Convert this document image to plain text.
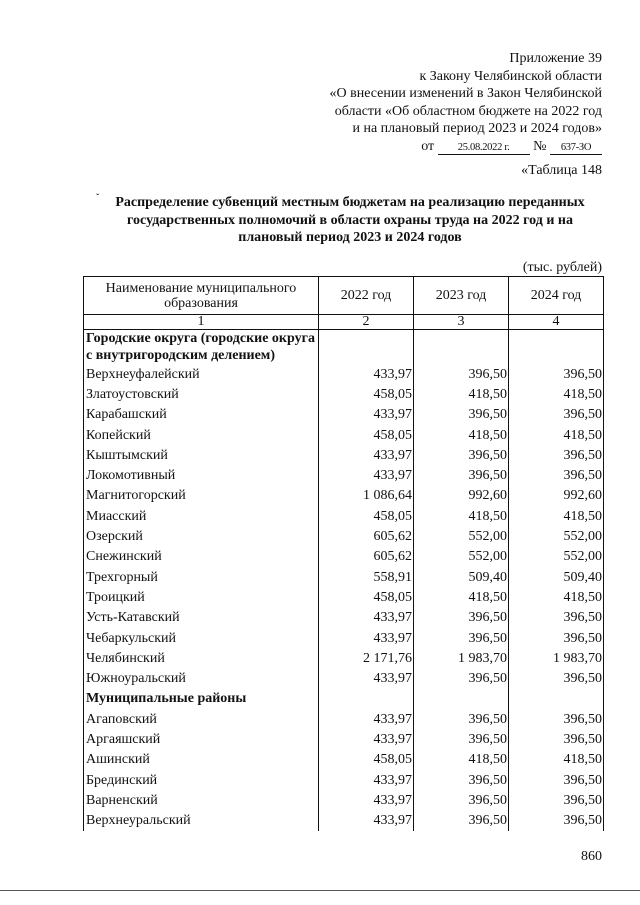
Приложение 39
к Закону Челябинской области
«О внесении изменений в Закон Челябинской
области «Об областном бюджете на 2022 год
и на плановый период 2023 и 2024 годов»
от 25.08.2022 г. № 637-ЗО
«Таблица 148
ˇ	Распределение субвенций местным бюджетам на реализацию переданных государственных полномочий в области охраны труда на 2022 год и на плановый период 2023 и 2024 годов
(тыс. рублей)
Наименование муниципального образования	2022 год	2023 год	2024 год
1	2	3	4
Городские округа (городские округа с внутригородским делением)			
Верхнеуфалейский	433,97	396,50	396,50
Златоустовский	458,05	418,50	418,50
Карабашский	433,97	396,50	396,50
Копейский	458,05	418,50	418,50
Кыштымский	433,97	396,50	396,50
Локомотивный	433,97	396,50	396,50
Магнитогорский	1 086,64	992,60	992,60
Миасский	458,05	418,50	418,50
Озерский	605,62	552,00	552,00
Снежинский	605,62	552,00	552,00
Трехгорный	558,91	509,40	509,40
Троицкий	458,05	418,50	418,50
Усть-Катавский	433,97	396,50	396,50
Чебаркульский	433,97	396,50	396,50
Челябинский	2 171,76	1 983,70	1 983,70
Южноуральский	433,97	396,50	396,50
Муниципальные районы			
Агаповский	433,97	396,50	396,50
Аргаяшский	433,97	396,50	396,50
Ашинский	458,05	418,50	418,50
Брединский	433,97	396,50	396,50
Варненский	433,97	396,50	396,50
Верхнеуральский	433,97	396,50	396,50
860
